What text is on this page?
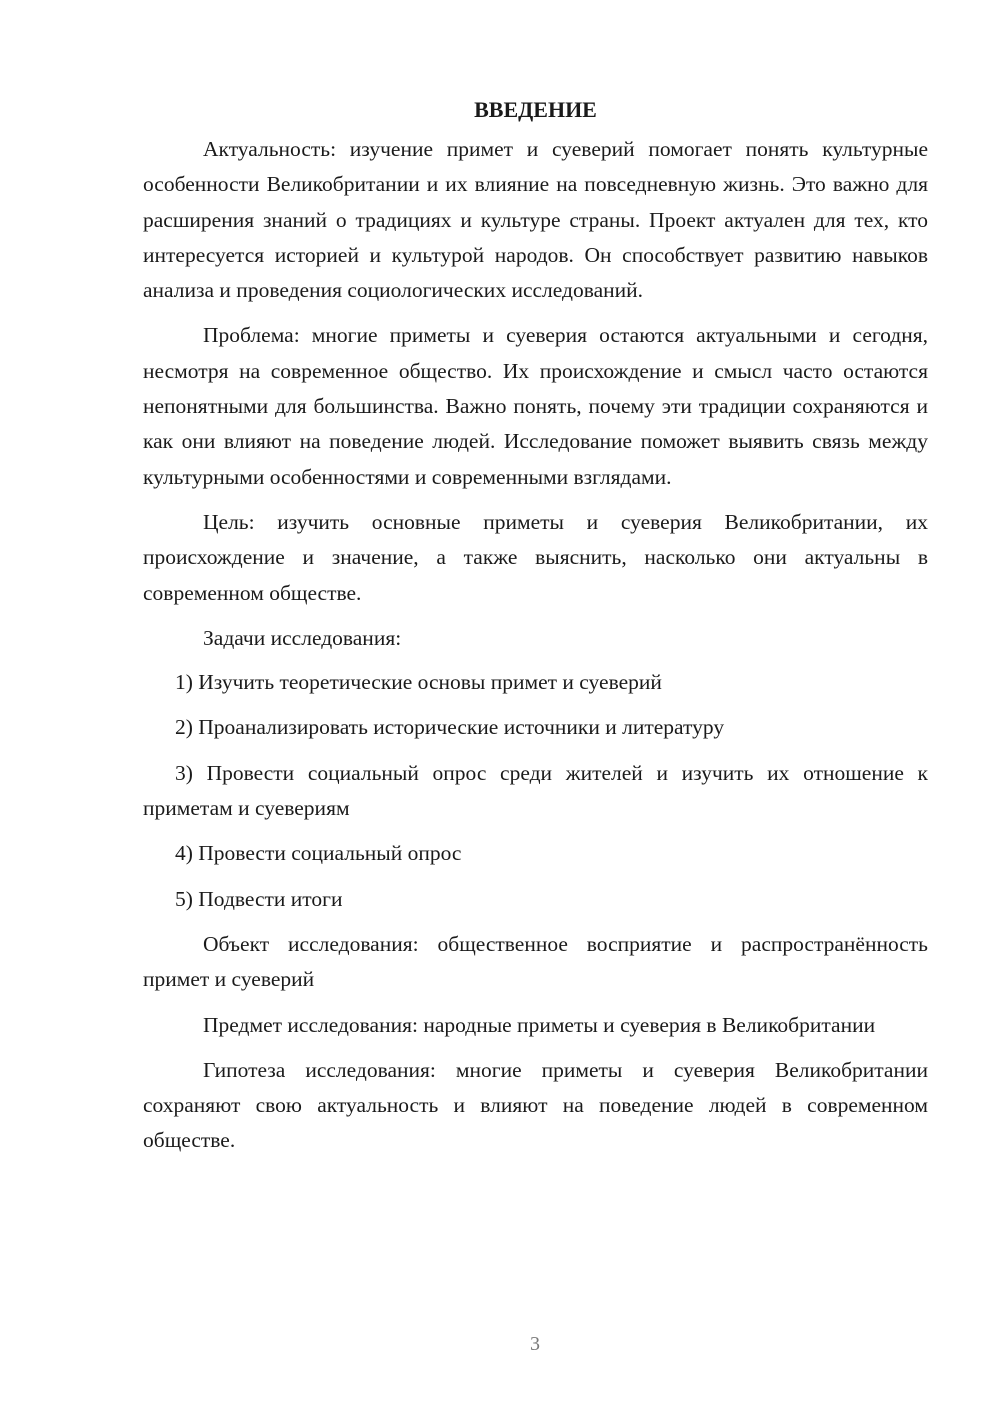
ВВЕДЕНИЕ

Актуальность: изучение примет и суеверий помогает понять культурные особенности Великобритании и их влияние на повседневную жизнь. Это важно для расширения знаний о традициях и культуре страны. Проект актуален для тех, кто интересуется историей и культурой народов. Он способствует развитию навыков анализа и проведения социологических исследований.

Проблема: многие приметы и суеверия остаются актуальными и сегодня, несмотря на современное общество. Их происхождение и смысл часто остаются непонятными для большинства. Важно понять, почему эти традиции сохраняются и как они влияют на поведение людей. Исследование поможет выявить связь между культурными особенностями и современными взглядами.

Цель: изучить основные приметы и суеверия Великобритании, их происхождение и значение, а также выяснить, насколько они актуальны в современном обществе.

Задачи исследования:

1) Изучить теоретические основы примет и суеверий

2) Проанализировать исторические источники и литературу

3) Провести социальный опрос среди жителей и изучить их отношение к приметам и суевериям

4) Провести социальный опрос

5) Подвести итоги

Объект исследования: общественное восприятие и распространённость примет и суеверий

Предмет исследования: народные приметы и суеверия в Великобритании

Гипотеза исследования: многие приметы и суеверия Великобритании сохраняют свою актуальность и влияют на поведение людей в современном обществе.

3
